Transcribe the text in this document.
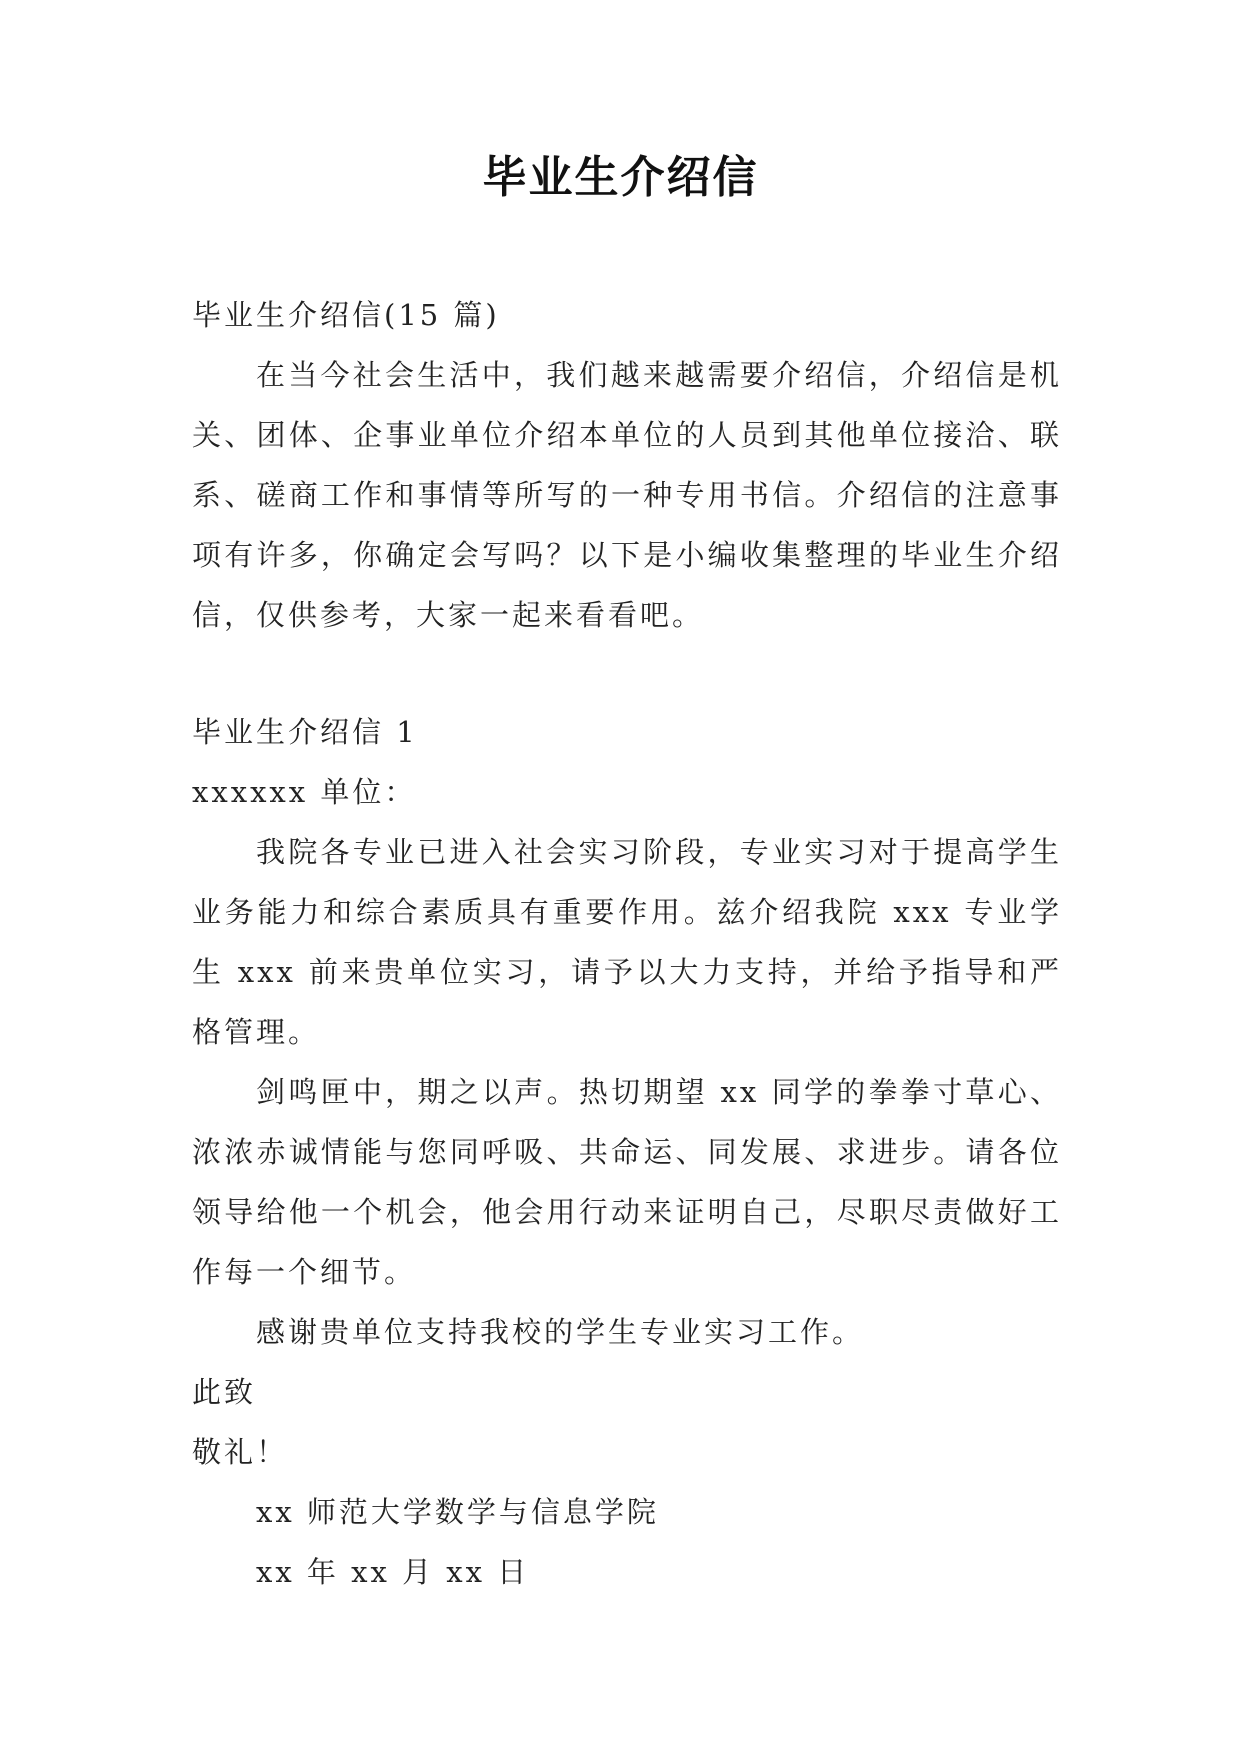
毕业生介绍信
毕业生介绍信(15 篇)
在当今社会生活中，我们越来越需要介绍信，介绍信是机关、团体、企事业单位介绍本单位的人员到其他单位接洽、联系、磋商工作和事情等所写的一种专用书信。介绍信的注意事项有许多，你确定会写吗？以下是小编收集整理的毕业生介绍信，仅供参考，大家一起来看看吧。
毕业生介绍信 1
xxxxxx 单位：
我院各专业已进入社会实习阶段，专业实习对于提高学生业务能力和综合素质具有重要作用。兹介绍我院 xxx 专业学生 xxx 前来贵单位实习，请予以大力支持，并给予指导和严格管理。
剑鸣匣中，期之以声。热切期望 xx 同学的拳拳寸草心、浓浓赤诚情能与您同呼吸、共命运、同发展、求进步。请各位领导给他一个机会，他会用行动来证明自己，尽职尽责做好工作每一个细节。
感谢贵单位支持我校的学生专业实习工作。
此致
敬礼！
xx 师范大学数学与信息学院
xx 年 xx 月 xx 日
